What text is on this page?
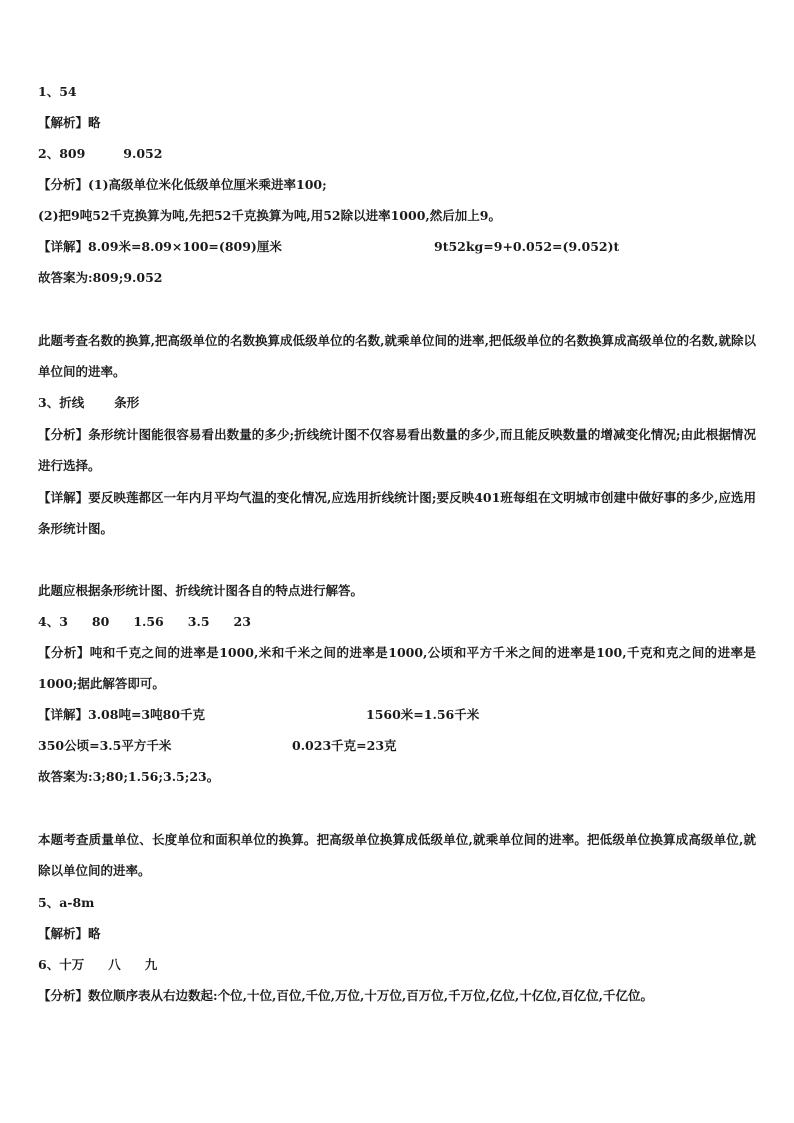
1、54
【解析】略
2、809	9.052
【分析】(1)高级单位米化低级单位厘米乘进率100;
(2)把9吨52千克换算为吨,先把52千克换算为吨,用52除以进率1000,然后加上9。
【详解】8.09米=8.09×100=(809)厘米	9t52kg=9+0.052=(9.052)t
故答案为:809;9.052
此题考查名数的换算,把高级单位的名数换算成低级单位的名数,就乘单位间的进率,把低级单位的名数换算成高级单位的名数,就除以单位间的进率。
3、折线 条形
【分析】条形统计图能很容易看出数量的多少;折线统计图不仅容易看出数量的多少,而且能反映数量的增减变化情况;由此根据情况进行选择。
【详解】要反映莲都区一年内月平均气温的变化情况,应选用折线统计图;要反映401班每组在文明城市创建中做好事的多少,应选用条形统计图。
此题应根据条形统计图、折线统计图各自的特点进行解答。
4、3 80 1.56 3.5 23
【分析】吨和千克之间的进率是1000,米和千米之间的进率是1000,公顷和平方千米之间的进率是100,千克和克之间的进率是1000;据此解答即可。
【详解】3.08吨=3吨80千克	1560米=1.56千米
350公顷=3.5平方千米	0.023千克=23克
故答案为:3;80;1.56;3.5;23。
本题考查质量单位、长度单位和面积单位的换算。把高级单位换算成低级单位,就乘单位间的进率。把低级单位换算成高级单位,就除以单位间的进率。
5、a-8m
【解析】略
6、十万 八 九
【分析】数位顺序表从右边数起:个位,十位,百位,千位,万位,十万位,百万位,千万位,亿位,十亿位,百亿位,千亿位。
